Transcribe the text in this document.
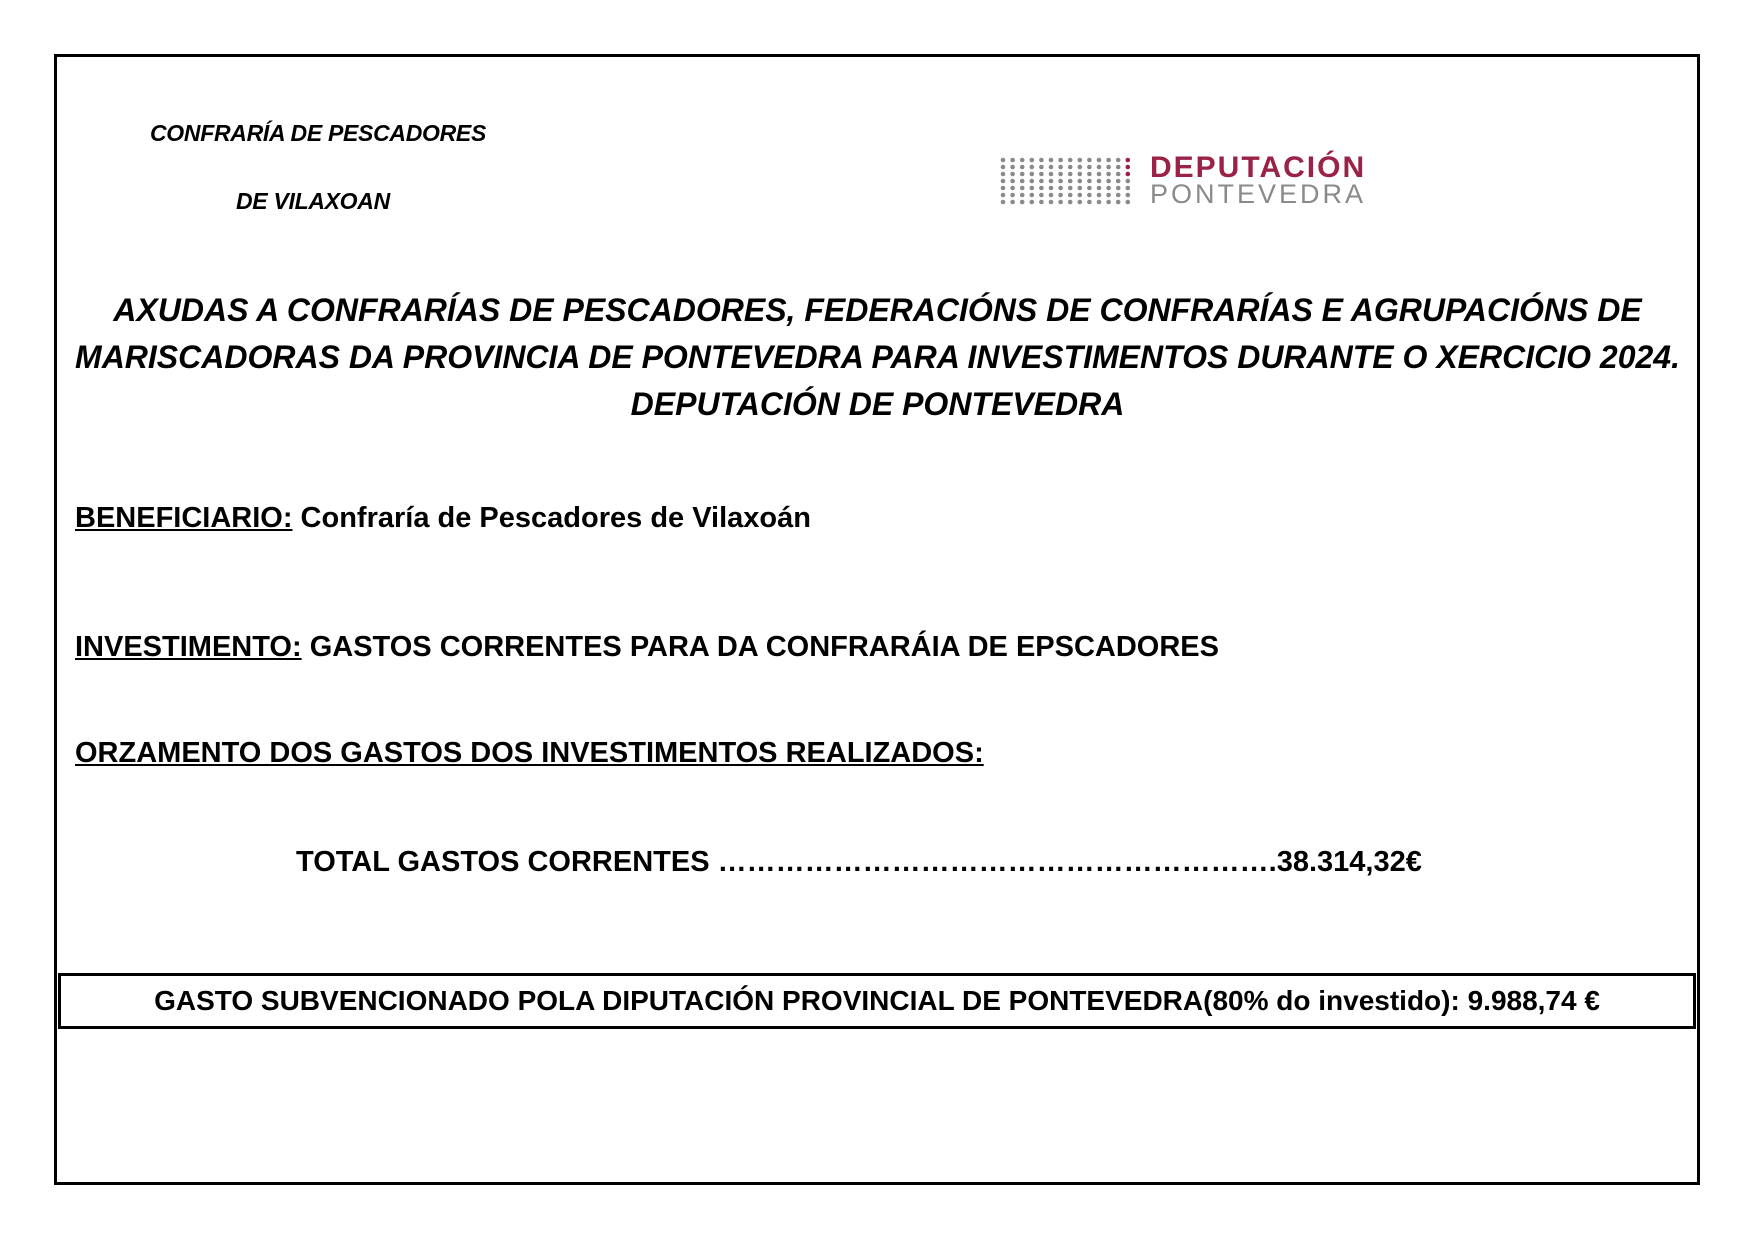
CONFRARÍA DE PESCADORES
DE VILAXOAN
DEPUTACIÓN
PONTEVEDRA
AXUDAS A CONFRARÍAS DE PESCADORES, FEDERACIÓNS DE CONFRARÍAS E AGRUPACIÓNS DE
MARISCADORAS DA PROVINCIA DE PONTEVEDRA PARA INVESTIMENTOS DURANTE O XERCICIO 2024.
DEPUTACIÓN DE PONTEVEDRA
BENEFICIARIO: Confraría de Pescadores de Vilaxoán
INVESTIMENTO: GASTOS CORRENTES PARA DA CONFRARÁIA DE EPSCADORES
ORZAMENTO DOS GASTOS DOS INVESTIMENTOS REALIZADOS:
TOTAL GASTOS CORRENTES ………………………………………………….38.314,32€
GASTO SUBVENCIONADO POLA DIPUTACIÓN PROVINCIAL DE PONTEVEDRA(80% do investido): 9.988,74 €
